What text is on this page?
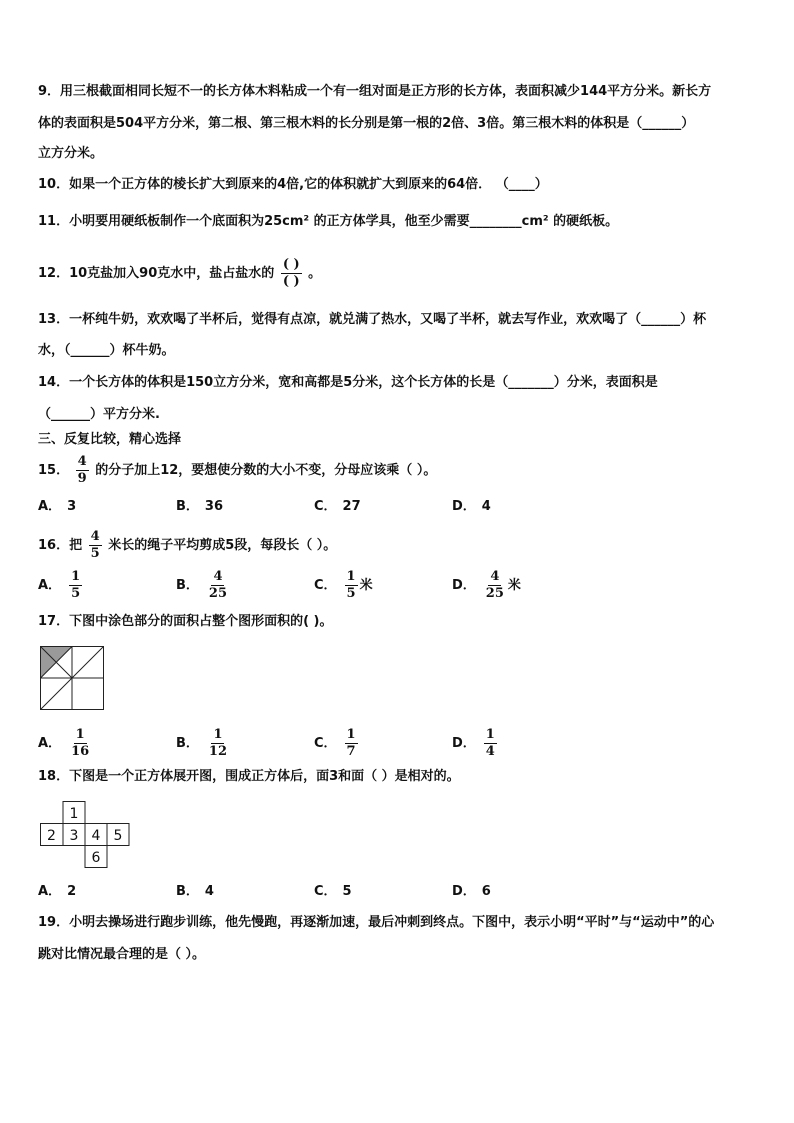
9．用三根截面相同长短不一的长方体木料粘成一个有一组对面是正方形的长方体，表面积减少144平方分米。新长方
体的表面积是504平方分米，第二根、第三根木料的长分别是第一根的2倍、3倍。第三根木料的体积是（______）
立方分米。
10．如果一个正方体的棱长扩大到原来的4倍,它的体积就扩大到原来的64倍． （____）
11．小明要用硬纸板制作一个底面积为25cm² 的正方体学具，他至少需要________cm² 的硬纸板。
12．10克盐加入90克水中，盐占盐水的 $\frac{( )}{( )}$ 。
13．一杯纯牛奶，欢欢喝了半杯后，觉得有点凉，就兑满了热水，又喝了半杯，就去写作业，欢欢喝了（______）杯
水，（______）杯牛奶。
14．一个长方体的体积是150立方分米，宽和高都是5分米，这个长方体的长是（_______）分米，表面积是
（______）平方分米.
三、反复比较，精心选择
15． $\frac{4}{9}$ 的分子加上12，要想使分数的大小不变，分母应该乘（ ）。
A． 3	B． 36	C． 27	D． 4
16．把 $\frac{4}{5}$ 米长的绳子平均剪成5段，每段长（ ）。
A． $\frac{1}{5}$	B． $\frac{4}{25}$	C． $\frac{1}{5}$ 米	D． $\frac{4}{25}$ 米
17．下图中涂色部分的面积占整个图形面积的( )。
A． $\frac{1}{16}$	B． $\frac{1}{12}$	C． $\frac{1}{7}$	D． $\frac{1}{4}$
18．下图是一个正方体展开图，围成正方体后，面3和面（ ）是相对的。
1
2 3 4 5
6
A． 2	B． 4	C． 5	D． 6
19．小明去操场进行跑步训练，他先慢跑，再逐渐加速，最后冲刺到终点。下图中，表示小明“平时”与“运动中”的心
跳对比情况最合理的是（ ）。
